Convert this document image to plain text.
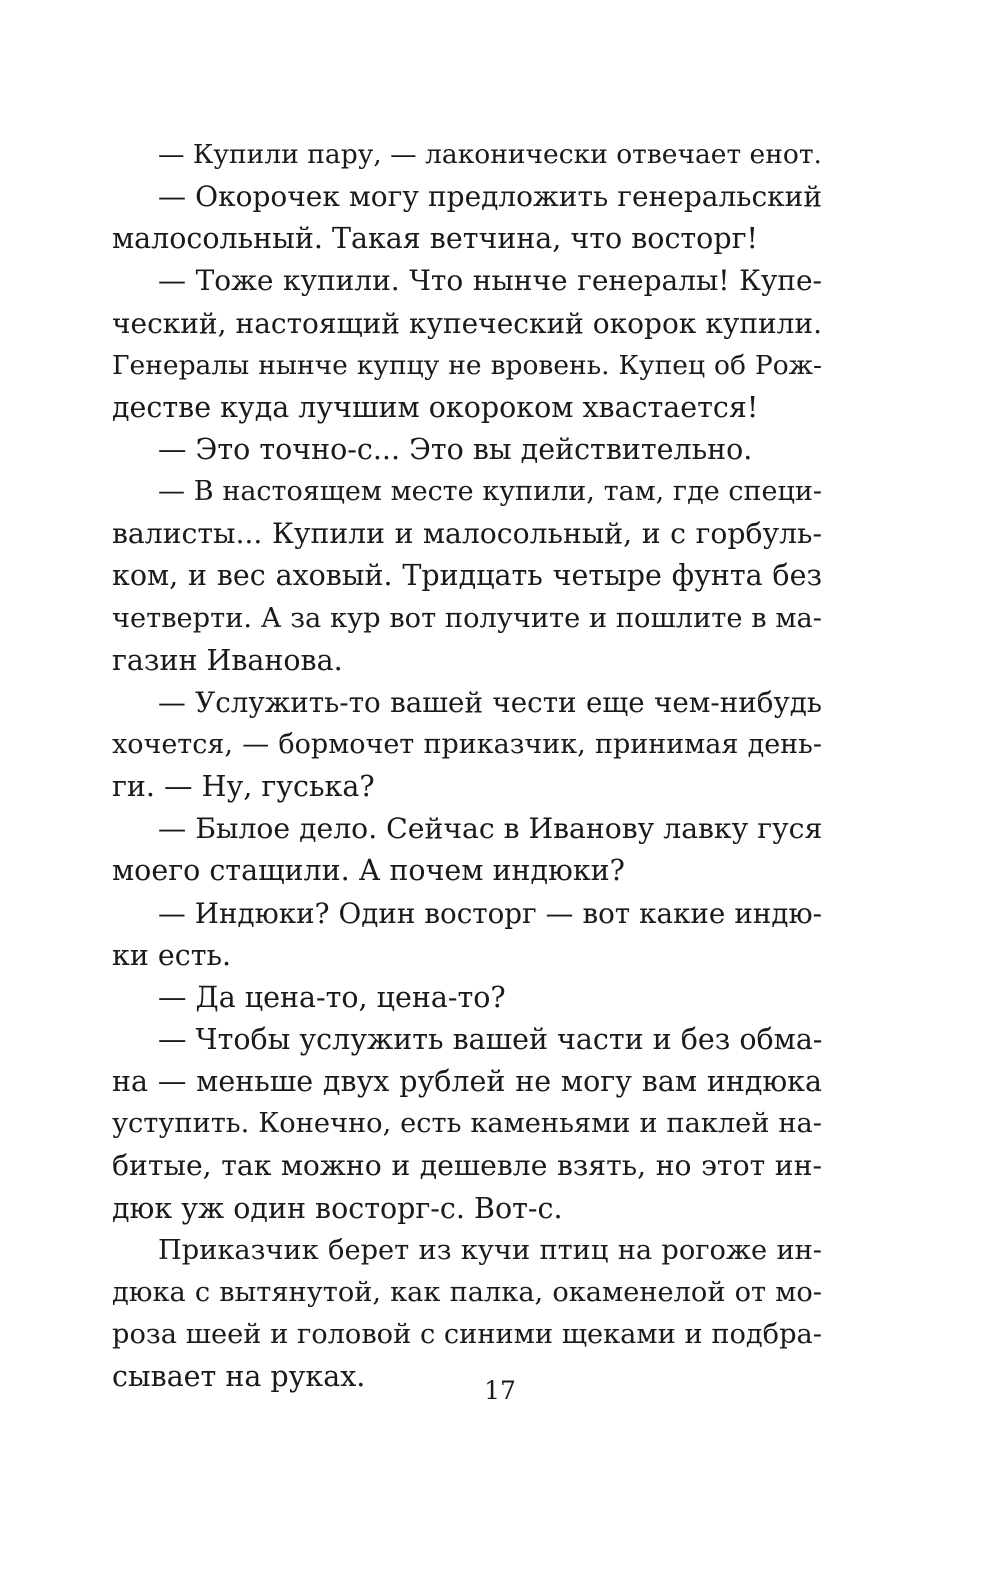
— Купили пару, — лаконически отвечает енот.
— Окорочек могу предложить генеральский
малосольный. Такая ветчина, что восторг!
— Тоже купили. Что нынче генералы! Купе-
ческий, настоящий купеческий окорок купили.
Генералы нынче купцу не вровень. Купец об Рож-
дестве куда лучшим окороком хвастается!
— Это точно-с... Это вы действительно.
— В настоящем месте купили, там, где специ-
валисты... Купили и малосольный, и с горбуль-
ком, и вес аховый. Тридцать четыре фунта без
четверти. А за кур вот получите и пошлите в ма-
газин Иванова.
— Услужить-то вашей чести еще чем-нибудь
хочется, — бормочет приказчик, принимая день-
ги. — Ну, гуська?
— Былое дело. Сейчас в Иванову лавку гуся
моего стащили. А почем индюки?
— Индюки? Один восторг — вот какие индю-
ки есть.
— Да цена-то, цена-то?
— Чтобы услужить вашей части и без обма-
на — меньше двух рублей не могу вам индюка
уступить. Конечно, есть каменьями и паклей на-
битые, так можно и дешевле взять, но этот ин-
дюк уж один восторг-с. Вот-с.
Приказчик берет из кучи птиц на рогоже ин-
дюка с вытянутой, как палка, окаменелой от мо-
роза шеей и головой с синими щеками и подбра-
сывает на руках.	17
